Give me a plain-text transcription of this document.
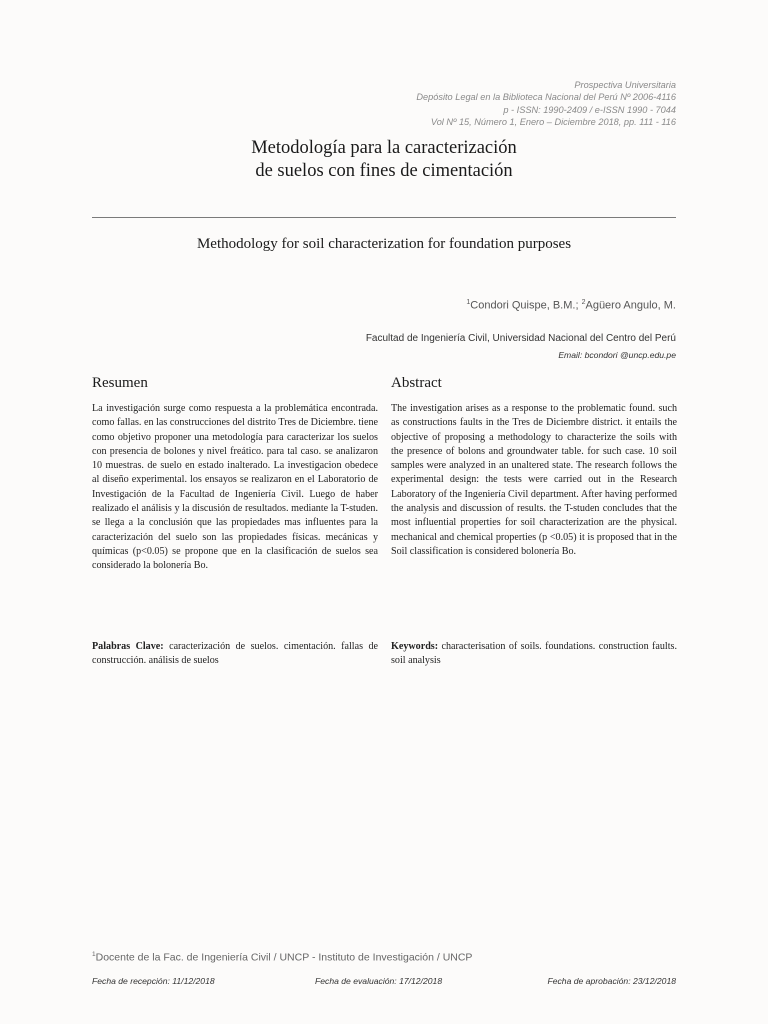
Prospectiva Universitaria
Depósito Legal en la Biblioteca Nacional del Perú Nº 2006-4116
p - ISSN: 1990-2409 / e-ISSN 1990 - 7044
Vol Nº 15, Número 1, Enero – Diciembre 2018, pp. 111 - 116
Metodología para la caracterización
de suelos con fines de cimentación
Methodology for soil characterization for foundation purposes
$^1$Condori Quispe, B.M.; $^2$Agüero Angulo, M.
Facultad de Ingeniería Civil, Universidad Nacional del Centro del Perú
Email: bcondori @uncp.edu.pe
Resumen

La investigación surge como respuesta a la problemática encontrada. como fallas. en las construcciones del distrito Tres de Diciembre. tiene como objetivo proponer una metodología para caracterizar los suelos con presencia de bolones y nivel freático. para tal caso. se analizaron 10 muestras. de suelo en estado inalterado. La investigacion obedece al diseño experimental. los ensayos se realizaron en el Laboratorio de Investigación de la Facultad de Ingeniería Civil. Luego de haber realizado el análisis y la discusión de resultados. mediante la T-studen. se llega a la conclusión que las propiedades mas influentes para la caracterización del suelo son las propiedades físicas. mecánicas y químicas (p<0.05) se propone que en la clasificación de suelos sea considerado la bolonería Bo.

Palabras Clave: caracterización de suelos. cimentación. fallas de construcción. análisis de suelos
Abstract

The investigation arises as a response to the problematic found. such as constructions faults in the Tres de Diciembre district. it entails the objective of proposing a methodology to characterize the soils with the presence of bolons and groundwater table. for such case. 10 soil samples were analyzed in an unaltered state. The research follows the experimental design: the tests were carried out in the Research Laboratory of the Ingeniería Civil department. After having performed the analysis and discussion of results. the T-studen concludes that the most influential properties for soil characterization are the physical. mechanical and chemical properties (p <0.05) it is proposed that in the Soil classification is considered bolonería Bo.

Keywords: characterisation of soils. foundations. construction faults. soil analysis
$^1$Docente de la Fac. de Ingeniería Civil / UNCP - Instituto de Investigación / UNCP
Fecha de recepción: 11/12/2018	Fecha de evaluación: 17/12/2018	Fecha de aprobación: 23/12/2018
